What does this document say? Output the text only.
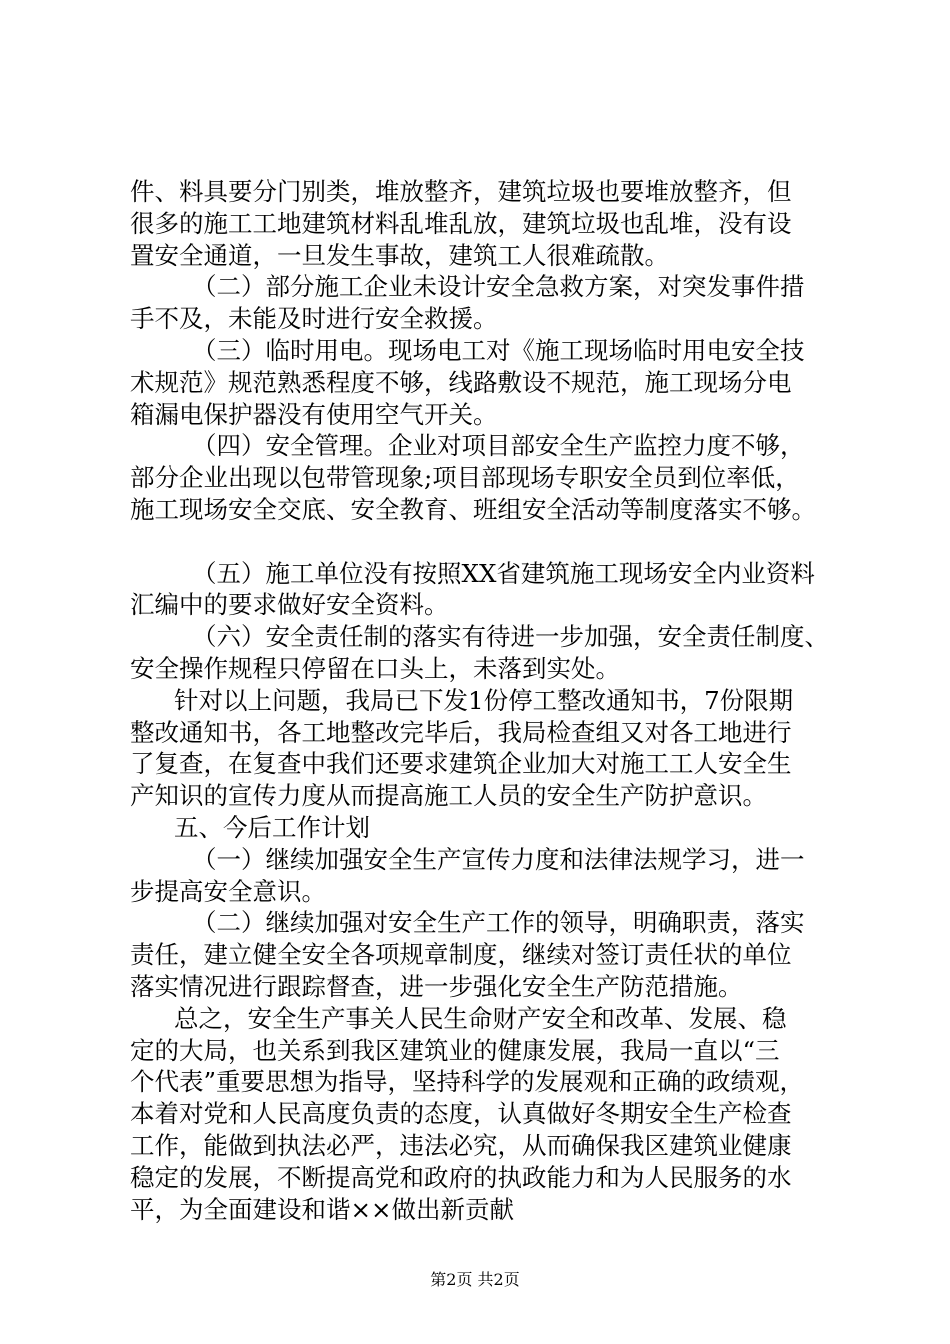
件、料具要分门别类，堆放整齐，建筑垃圾也要堆放整齐，但
很多的施工工地建筑材料乱堆乱放，建筑垃圾也乱堆，没有设
置安全通道，一旦发生事故，建筑工人很难疏散。
（二）部分施工企业未设计安全急救方案，对突发事件措
手不及，未能及时进行安全救援。
（三）临时用电。现场电工对《施工现场临时用电安全技
术规范》规范熟悉程度不够，线路敷设不规范，施工现场分电
箱漏电保护器没有使用空气开关。
（四）安全管理。企业对项目部安全生产监控力度不够，
部分企业出现以包带管现象;项目部现场专职安全员到位率低，
施工现场安全交底、安全教育、班组安全活动等制度落实不够。
（五）施工单位没有按照XX省建筑施工现场安全内业资料
汇编中的要求做好安全资料。
（六）安全责任制的落实有待进一步加强，安全责任制度、
安全操作规程只停留在口头上，未落到实处。
针对以上问题，我局已下发1份停工整改通知书，7份限期
整改通知书，各工地整改完毕后，我局检查组又对各工地进行
了复查，在复查中我们还要求建筑企业加大对施工工人安全生
产知识的宣传力度从而提高施工人员的安全生产防护意识。
五、今后工作计划
（一）继续加强安全生产宣传力度和法律法规学习，进一
步提高安全意识。
（二）继续加强对安全生产工作的领导，明确职责，落实
责任，建立健全安全各项规章制度，继续对签订责任状的单位
落实情况进行跟踪督查，进一步强化安全生产防范措施。
总之，安全生产事关人民生命财产安全和改革、发展、稳
定的大局，也关系到我区建筑业的健康发展，我局一直以“三
个代表”重要思想为指导，坚持科学的发展观和正确的政绩观，
本着对党和人民高度负责的态度，认真做好冬期安全生产检查
工作，能做到执法必严，违法必究，从而确保我区建筑业健康
稳定的发展，不断提高党和政府的执政能力和为人民服务的水
平，为全面建设和谐××做出新贡献
第2页 共2页
